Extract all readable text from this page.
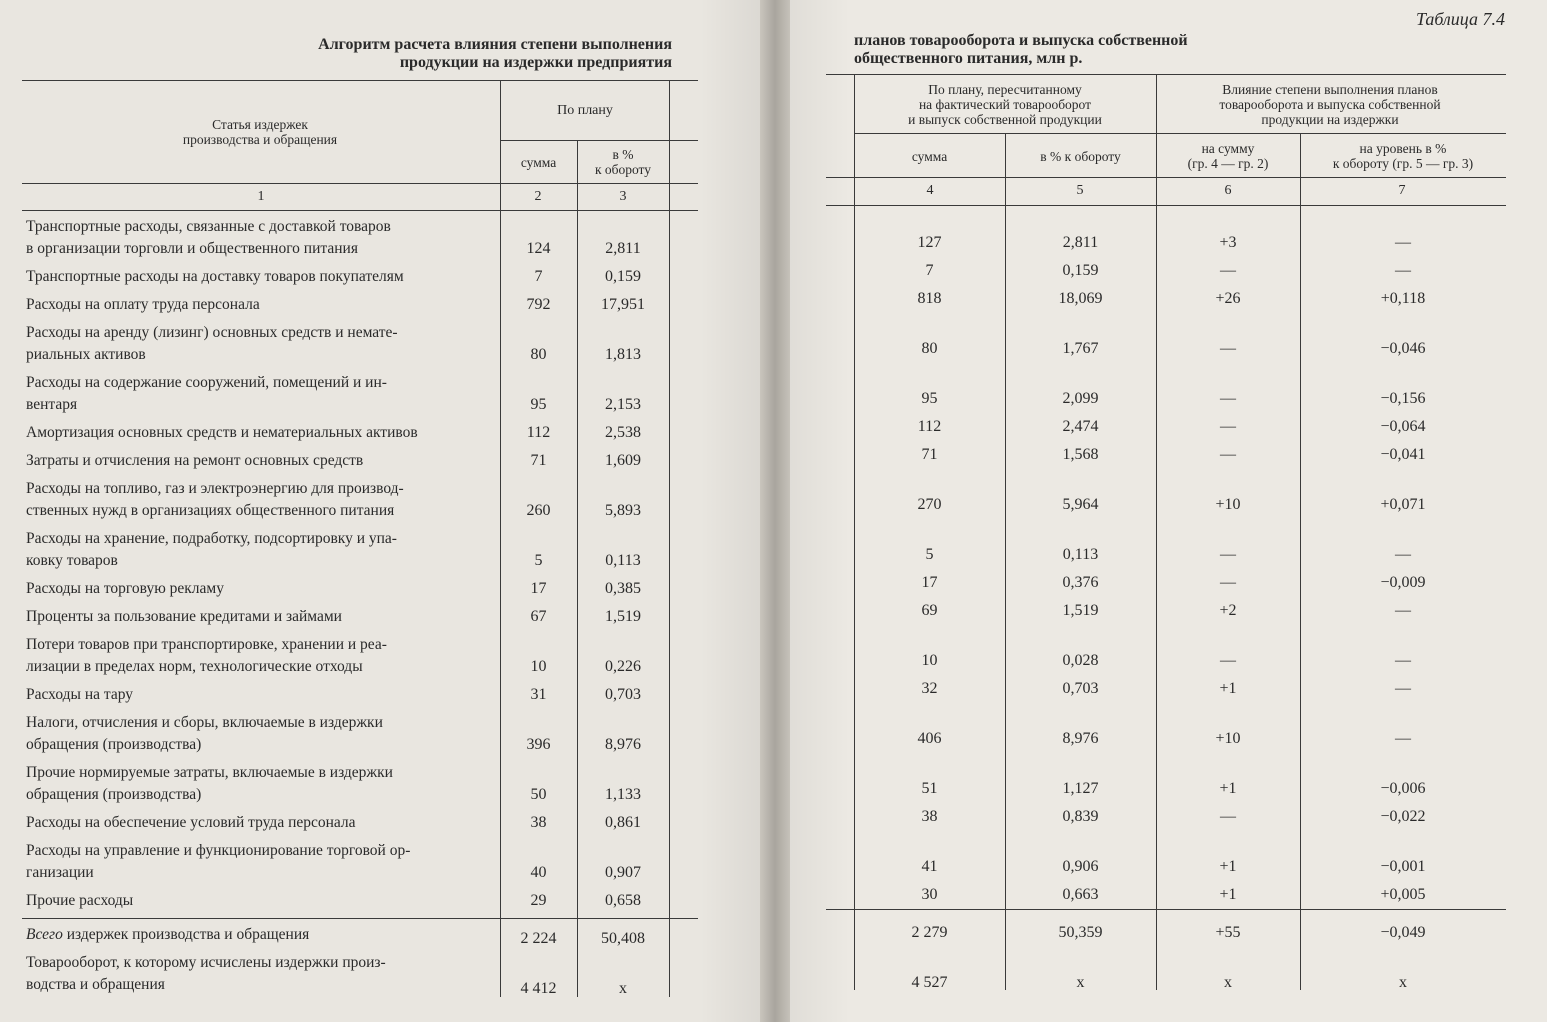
Алгоритм расчета влияния степени выполнения
продукции на издержки предприятия
Статья издержек
производства и обращения
По плану
сумма
в %
к обороту
1	2	3
Транспортные расходы, связанные с доставкой товаров
в организации торговли и общественного питания	124	2,811
Транспортные расходы на доставку товаров покупателям	7	0,159
Расходы на оплату труда персонала	792	17,951
Расходы на аренду (лизинг) основных средств и немате-
риальных активов	80	1,813
Расходы на содержание сооружений, помещений и ин-
вентаря	95	2,153
Амортизация основных средств и нематериальных активов	112	2,538
Затраты и отчисления на ремонт основных средств	71	1,609
Расходы на топливо, газ и электроэнергию для производ-
ственных нужд в организациях общественного питания	260	5,893
Расходы на хранение, подработку, подсортировку и упа-
ковку товаров	5	0,113
Расходы на торговую рекламу	17	0,385
Проценты за пользование кредитами и займами	67	1,519
Потери товаров при транспортировке, хранении и реа-
лизации в пределах норм, технологические отходы	10	0,226
Расходы на тару	31	0,703
Налоги, отчисления и сборы, включаемые в издержки
обращения (производства)	396	8,976
Прочие нормируемые затраты, включаемые в издержки
обращения (производства)	50	1,133
Расходы на обеспечение условий труда персонала	38	0,861
Расходы на управление и функционирование торговой ор-
ганизации	40	0,907
Прочие расходы	29	0,658
Всего издержек производства и обращения	2 224	50,408
Товарооборот, к которому исчислены издержки произ-
водства и обращения	4 412	x
Таблица 7.4
планов товарооборота и выпуска собственной
общественного питания, млн р.
По плану, пересчитанному
на фактический товарооборот
и выпуск собственной продукции
Влияние степени выполнения планов
товарооборота и выпуска собственной
продукции на издержки
сумма	в % к обороту
на сумму
(гр. 4 — гр. 2)
на уровень в %
к обороту (гр. 5 — гр. 3)
4	5	6	7
127	2,811	+3	—
7	0,159	—	—
818	18,069	+26	+0,118
80	1,767	—	−0,046
95	2,099	—	−0,156
112	2,474	—	−0,064
71	1,568	—	−0,041
270	5,964	+10	+0,071
5	0,113	—	—
17	0,376	—	−0,009
69	1,519	+2	—
10	0,028	—	—
32	0,703	+1	—
406	8,976	+10	—
51	1,127	+1	−0,006
38	0,839	—	−0,022
41	0,906	+1	−0,001
30	0,663	+1	+0,005
2 279	50,359	+55	−0,049
4 527	x	x	x
